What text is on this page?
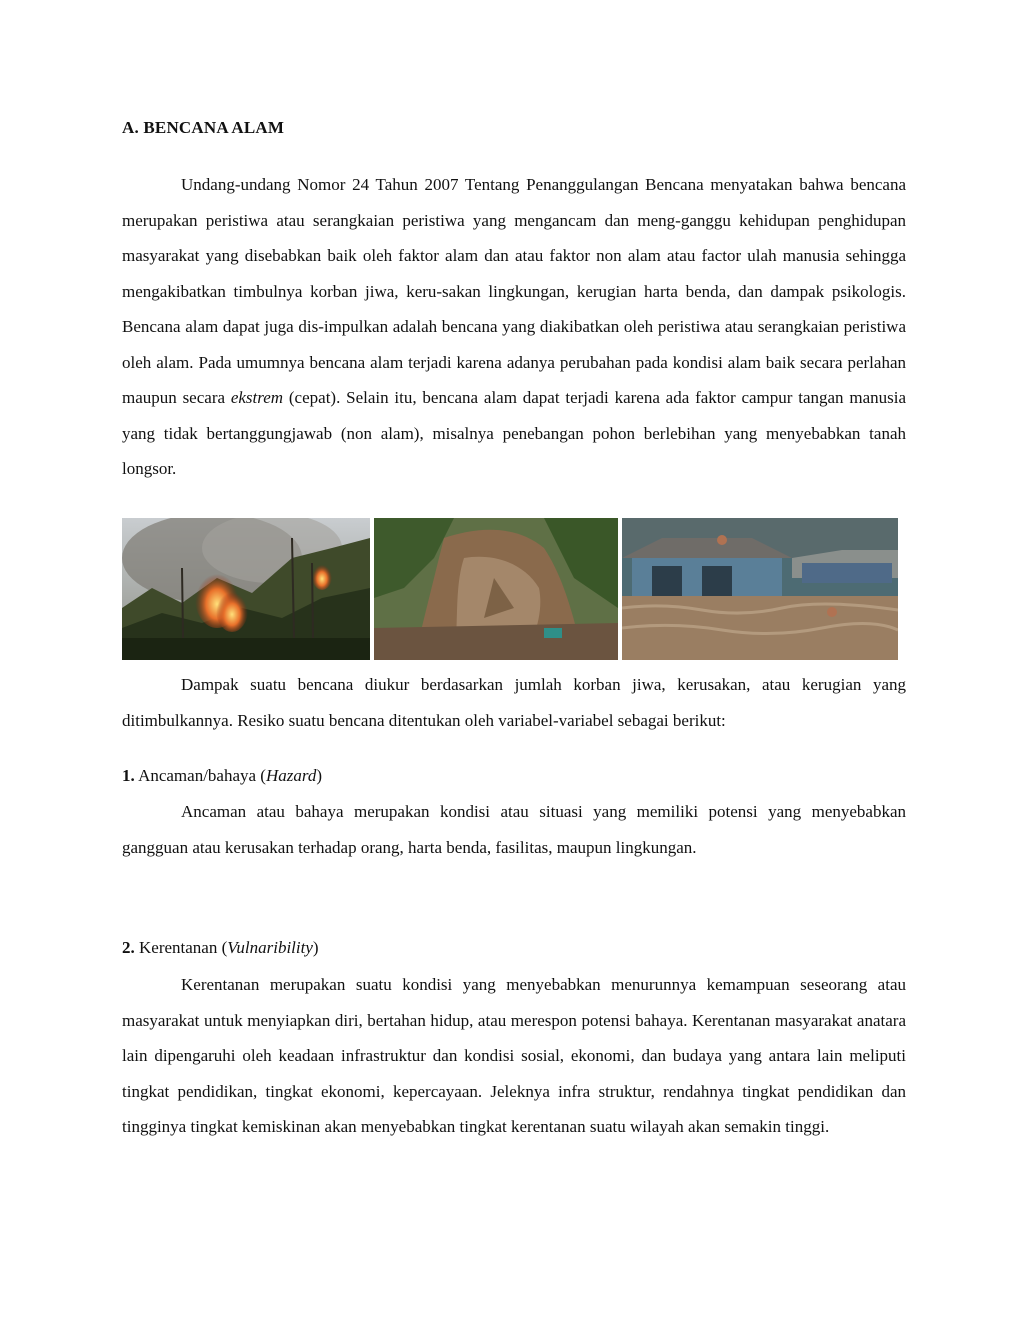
A. BENCANA ALAM

Undang-undang Nomor 24 Tahun 2007 Tentang Penanggulangan Bencana menyatakan bahwa bencana merupakan peristiwa atau serangkaian peristiwa yang mengancam dan meng-ganggu kehidupan penghidupan masyarakat yang disebabkan baik oleh faktor alam dan atau faktor non alam atau factor ulah manusia sehingga mengakibatkan timbulnya korban jiwa, keru-sakan lingkungan, kerugian harta benda, dan dampak psikologis. Bencana alam dapat juga dis-impulkan adalah bencana yang diakibatkan oleh peristiwa atau serangkaian peristiwa oleh alam. Pada umumnya bencana alam terjadi karena adanya perubahan pada kondisi alam baik secara perlahan maupun secara ekstrem (cepat). Selain itu, bencana alam dapat terjadi karena ada faktor campur tangan manusia yang tidak bertanggungjawab (non alam), misalnya penebangan pohon berlebihan yang menyebabkan tanah longsor.

Dampak suatu bencana diukur berdasarkan jumlah korban jiwa, kerusakan, atau kerugian yang ditimbulkannya. Resiko suatu bencana ditentukan oleh variabel-variabel sebagai berikut:

1. Ancaman/bahaya (Hazard)

Ancaman atau bahaya merupakan kondisi atau situasi yang memiliki potensi yang menyebabkan gangguan atau kerusakan terhadap orang, harta benda, fasilitas, maupun lingkungan.

2. Kerentanan (Vulnaribility)

Kerentanan merupakan suatu kondisi yang menyebabkan menurunnya kemampuan seseorang atau masyarakat untuk menyiapkan diri, bertahan hidup, atau merespon potensi bahaya. Kerentanan masyarakat anatara lain dipengaruhi oleh keadaan infrastruktur dan kondisi sosial, ekonomi, dan budaya yang antara lain meliputi tingkat pendidikan, tingkat ekonomi, kepercayaan. Jeleknya infra struktur, rendahnya tingkat pendidikan dan tingginya tingkat kemiskinan akan menyebabkan tingkat kerentanan suatu wilayah akan semakin tinggi.
